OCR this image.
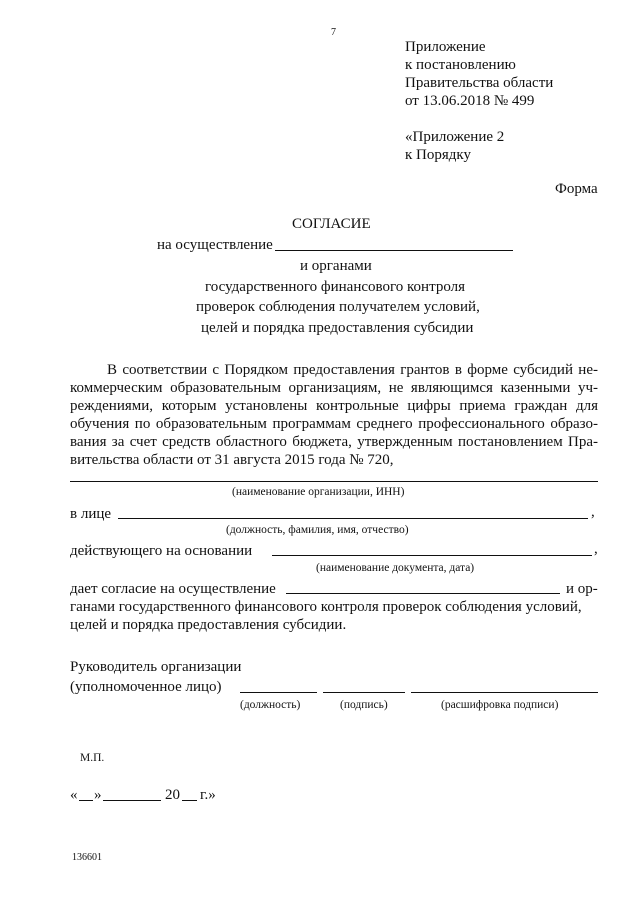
7
Приложение
к постановлению
Правительства области
от 13.06.2018 № 499
«Приложение 2
к Порядку
Форма
СОГЛАСИЕ
на осуществление
и органами
государственного финансового контроля
проверок соблюдения получателем условий,
целей и порядка предоставления субсидии
В соответствии с Порядком предоставления грантов в форме субсидий не-
коммерческим образовательным организациям, не являющимся казенными уч-
реждениями, которым установлены контрольные цифры приема граждан для
обучения по образовательным программам среднего профессионального образо-
вания за счет средств областного бюджета, утвержденным постановлением Пра-
вительства области от 31 августа 2015 года № 720,
(наименование организации, ИНН)
в лице	,
(должность, фамилия, имя, отчество)
действующего на основании	,
(наименование документа, дата)
дает согласие на осуществление	и ор-
ганами государственного финансового контроля проверок соблюдения условий,
целей и порядка предоставления субсидии.
Руководитель организации
(уполномоченное лицо)
(должность)	(подпись)	(расшифровка подписи)
М.П.
« »	20 г.»
136601
